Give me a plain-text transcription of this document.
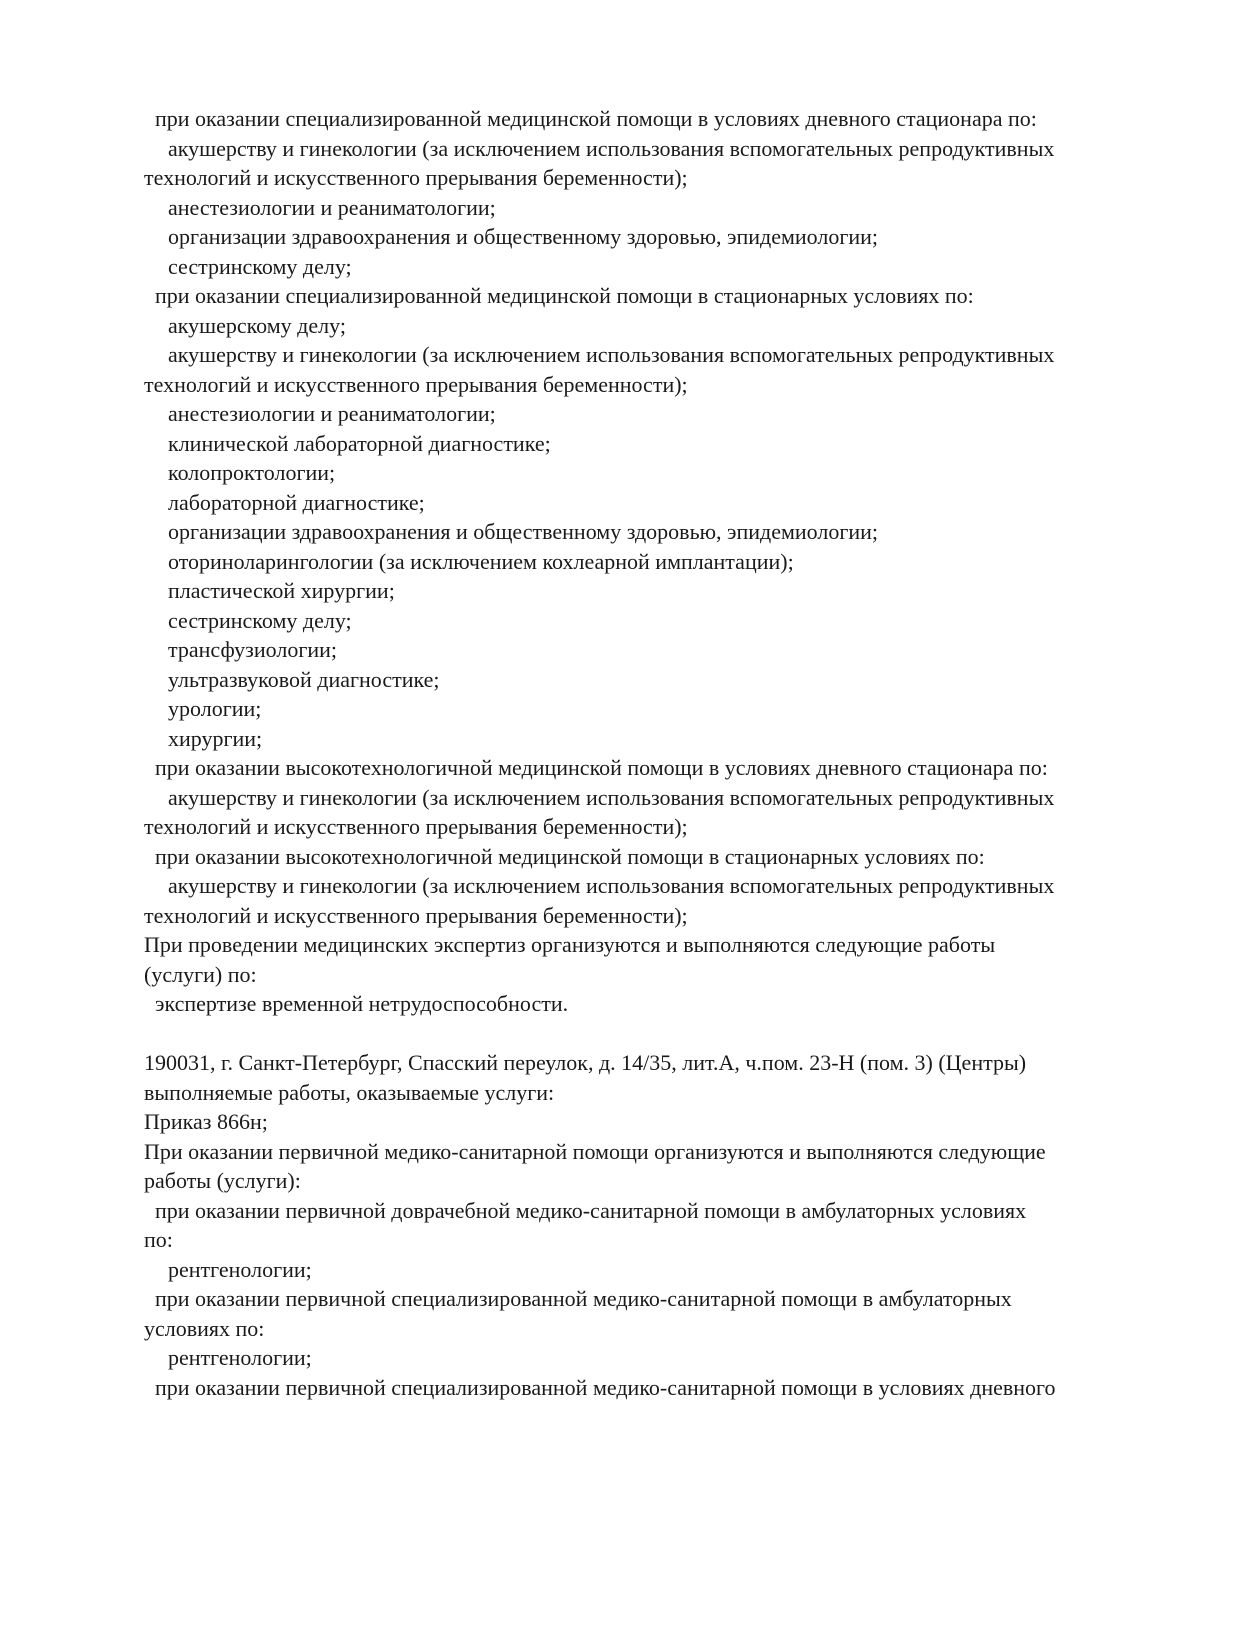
при оказании специализированной медицинской помощи в условиях дневного стационара по:
акушерству и гинекологии (за исключением использования вспомогательных репродуктивных
технологий и искусственного прерывания беременности);
анестезиологии и реаниматологии;
организации здравоохранения и общественному здоровью, эпидемиологии;
сестринскому делу;
при оказании специализированной медицинской помощи в стационарных условиях по:
акушерскому делу;
акушерству и гинекологии (за исключением использования вспомогательных репродуктивных
технологий и искусственного прерывания беременности);
анестезиологии и реаниматологии;
клинической лабораторной диагностике;
колопроктологии;
лабораторной диагностике;
организации здравоохранения и общественному здоровью, эпидемиологии;
оториноларингологии (за исключением кохлеарной имплантации);
пластической хирургии;
сестринскому делу;
трансфузиологии;
ультразвуковой диагностике;
урологии;
хирургии;
при оказании высокотехнологичной медицинской помощи в условиях дневного стационара по:
акушерству и гинекологии (за исключением использования вспомогательных репродуктивных
технологий и искусственного прерывания беременности);
при оказании высокотехнологичной медицинской помощи в стационарных условиях по:
акушерству и гинекологии (за исключением использования вспомогательных репродуктивных
технологий и искусственного прерывания беременности);
При проведении медицинских экспертиз организуются и выполняются следующие работы
(услуги) по:
экспертизе временной нетрудоспособности.
190031, г. Санкт-Петербург, Спасский переулок, д. 14/35, лит.А, ч.пом. 23-Н (пом. 3) (Центры)
выполняемые работы, оказываемые услуги:
Приказ 866н;
При оказании первичной медико-санитарной помощи организуются и выполняются следующие
работы (услуги):
при оказании первичной доврачебной медико-санитарной помощи в амбулаторных условиях
по:
рентгенологии;
при оказании первичной специализированной медико-санитарной помощи в амбулаторных
условиях по:
рентгенологии;
при оказании первичной специализированной медико-санитарной помощи в условиях дневного
